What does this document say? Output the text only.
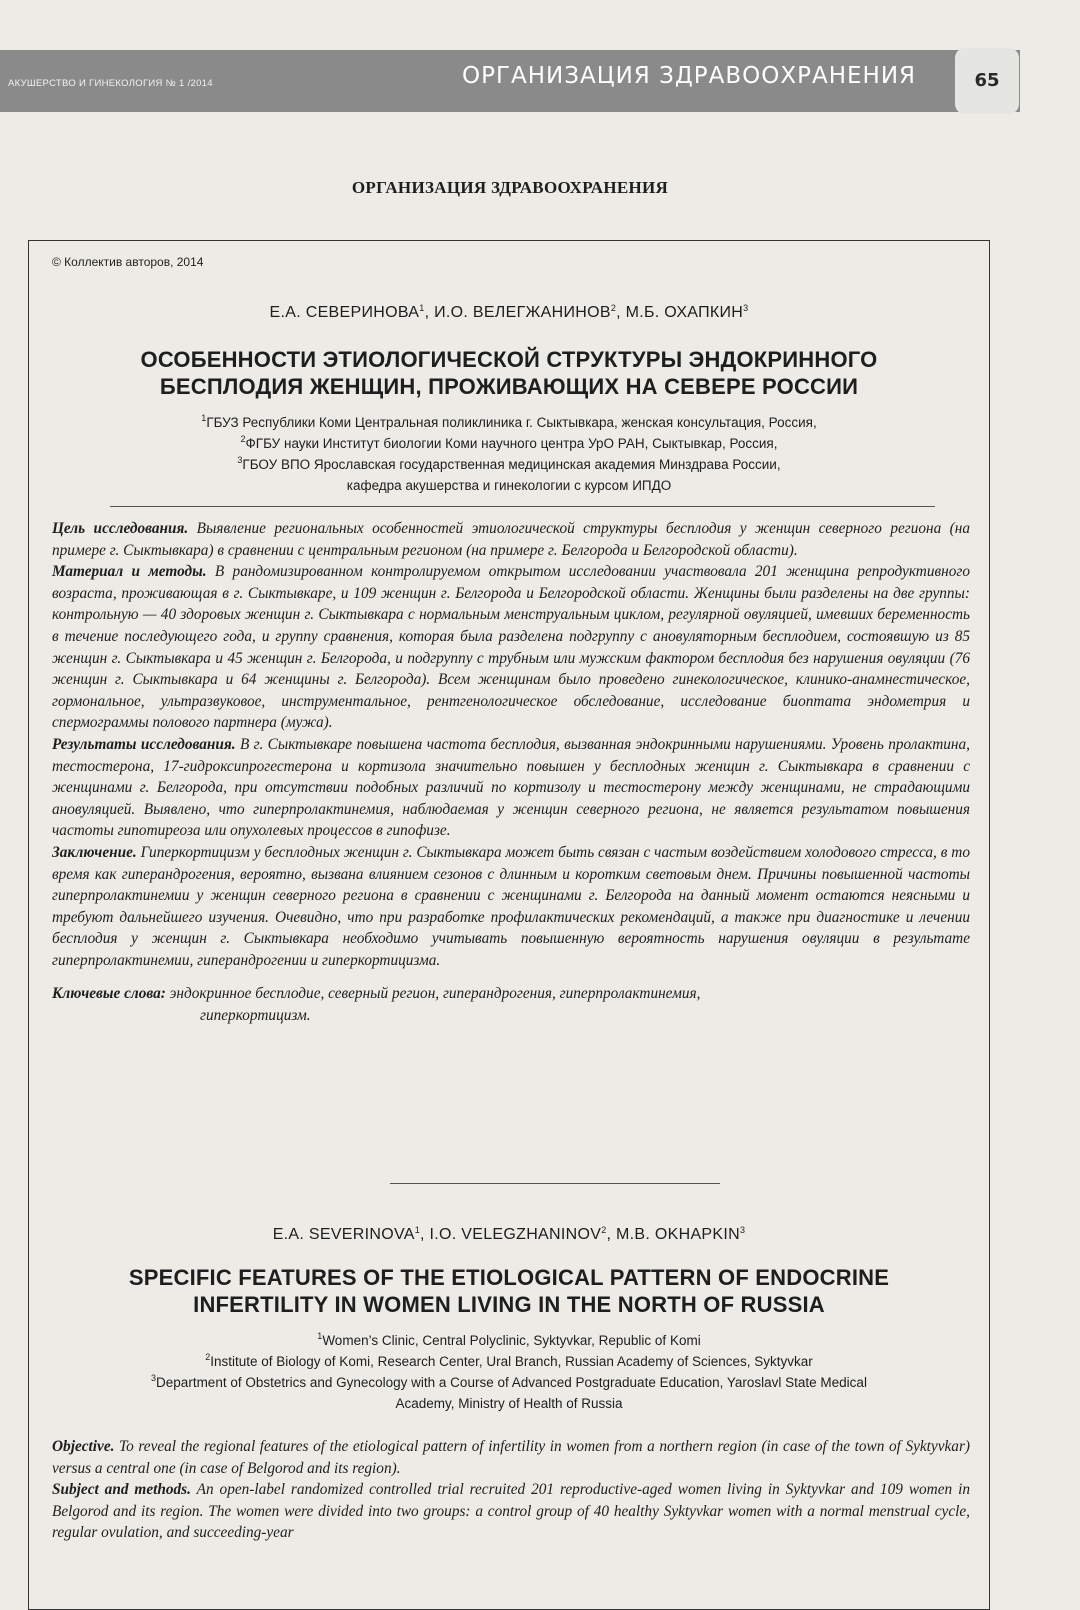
АКУШЕРСТВО И ГИНЕКОЛОГИЯ № 1 /2014	ОРГАНИЗАЦИЯ ЗДРАВООХРАНЕНИЯ	65
ОРГАНИЗАЦИЯ ЗДРАВООХРАНЕНИЯ
© Коллектив авторов, 2014
Е.А. СЕВЕРИНОВА$^1$, И.О. ВЕЛЕГЖАНИНОВ$^2$, М.Б. ОХАПКИН$^3$
ОСОБЕННОСТИ ЭТИОЛОГИЧЕСКОЙ СТРУКТУРЫ ЭНДОКРИННОГО
БЕСПЛОДИЯ ЖЕНЩИН, ПРОЖИВАЮЩИХ НА СЕВЕРЕ РОССИИ
$^1$ГБУЗ Республики Коми Центральная поликлиника г. Сыктывкара, женская консультация, Россия,
$^2$ФГБУ науки Институт биологии Коми научного центра УрО РАН, Сыктывкар, Россия,
$^3$ГБОУ ВПО Ярославская государственная медицинская академия Минздрава России,
кафедра акушерства и гинекологии с курсом ИПДО

Цель исследования. Выявление региональных особенностей этиологической структуры бесплодия у женщин северного региона (на примере г. Сыктывкара) в сравнении с центральным регионом (на примере г. Белгорода и Белгородской области).

Материал и методы. В рандомизированном контролируемом открытом исследовании участвовала 201 женщина репродуктивного возраста, проживающая в г. Сыктывкаре, и 109 женщин г. Белгорода и Белгородской области. Женщины были разделены на две группы: контрольную — 40 здоровых женщин г. Сыктывкара с нормальным менструальным циклом, регулярной овуляцией, имевших беременность в течение последующего года, и группу сравнения, которая была разделена подгруппу с ановуляторным бесплодием, состоявшую из 85 женщин г. Сыктывкара и 45 женщин г. Белгорода, и подгруппу с трубным или мужским фактором бесплодия без нарушения овуляции (76 женщин г. Сыктывкара и 64 женщины г. Белгорода). Всем женщинам было проведено гинекологическое, клинико-анамнестическое, гормональное, ультразвуковое, инструментальное, рентгенологическое обследование, исследование биоптата эндометрия и спермограммы полового партнера (мужа).

Результаты исследования. В г. Сыктывкаре повышена частота бесплодия, вызванная эндокринными нарушениями. Уровень пролактина, тестостерона, 17-гидроксипрогестерона и кортизола значительно повышен у бесплодных женщин г. Сыктывкара в сравнении с женщинами г. Белгорода, при отсутствии подобных различий по кортизолу и тестостерону между женщинами, не страдающими ановуляцией. Выявлено, что гиперпролактинемия, наблюдаемая у женщин северного региона, не является результатом повышения частоты гипотиреоза или опухолевых процессов в гипофизе.

Заключение. Гиперкортицизм у бесплодных женщин г. Сыктывкара может быть связан с частым воздействием холодового стресса, в то время как гиперандрогения, вероятно, вызвана влиянием сезонов с длинным и коротким световым днем. Причины повышенной частоты гиперпролактинемии у женщин северного региона в сравнении с женщинами г. Белгорода на данный момент остаются неясными и требуют дальнейшего изучения. Очевидно, что при разработке профилактических рекомендаций, а также при диагностике и лечении бесплодия у женщин г. Сыктывкара необходимо учитывать повышенную вероятность нарушения овуляции в результате гиперпролактинемии, гиперандрогении и гиперкортицизма.

Ключевые слова: эндокринное бесплодие, северный регион, гиперандрогения, гиперпролактинемия,

гиперкортицизм.

E.A. SEVERINOVA$^1$, I.O. VELEGZHANINOV$^2$, M.B. OKHAPKIN$^3$
SPECIFIC FEATURES OF THE ETIOLOGICAL PATTERN OF ENDOCRINE
INFERTILITY IN WOMEN LIVING IN THE NORTH OF RUSSIA
$^1$Women’s Clinic, Central Polyclinic, Syktyvkar, Republic of Komi
$^2$Institute of Biology of Komi, Research Center, Ural Branch, Russian Academy of Sciences, Syktyvkar
$^3$Department of Obstetrics and Gynecology with a Course of Advanced Postgraduate Education, Yaroslavl State Medical
Academy, Ministry of Health of Russia

Objective. To reveal the regional features of the etiological pattern of infertility in women from a northern region (in case of the town of Syktyvkar) versus a central one (in case of Belgorod and its region).

Subject and methods. An open-label randomized controlled trial recruited 201 reproductive-aged women living in Syktyvkar and 109 women in Belgorod and its region. The women were divided into two groups: a control group of 40 healthy Syktyvkar women with a normal menstrual cycle, regular ovulation, and succeeding-year
